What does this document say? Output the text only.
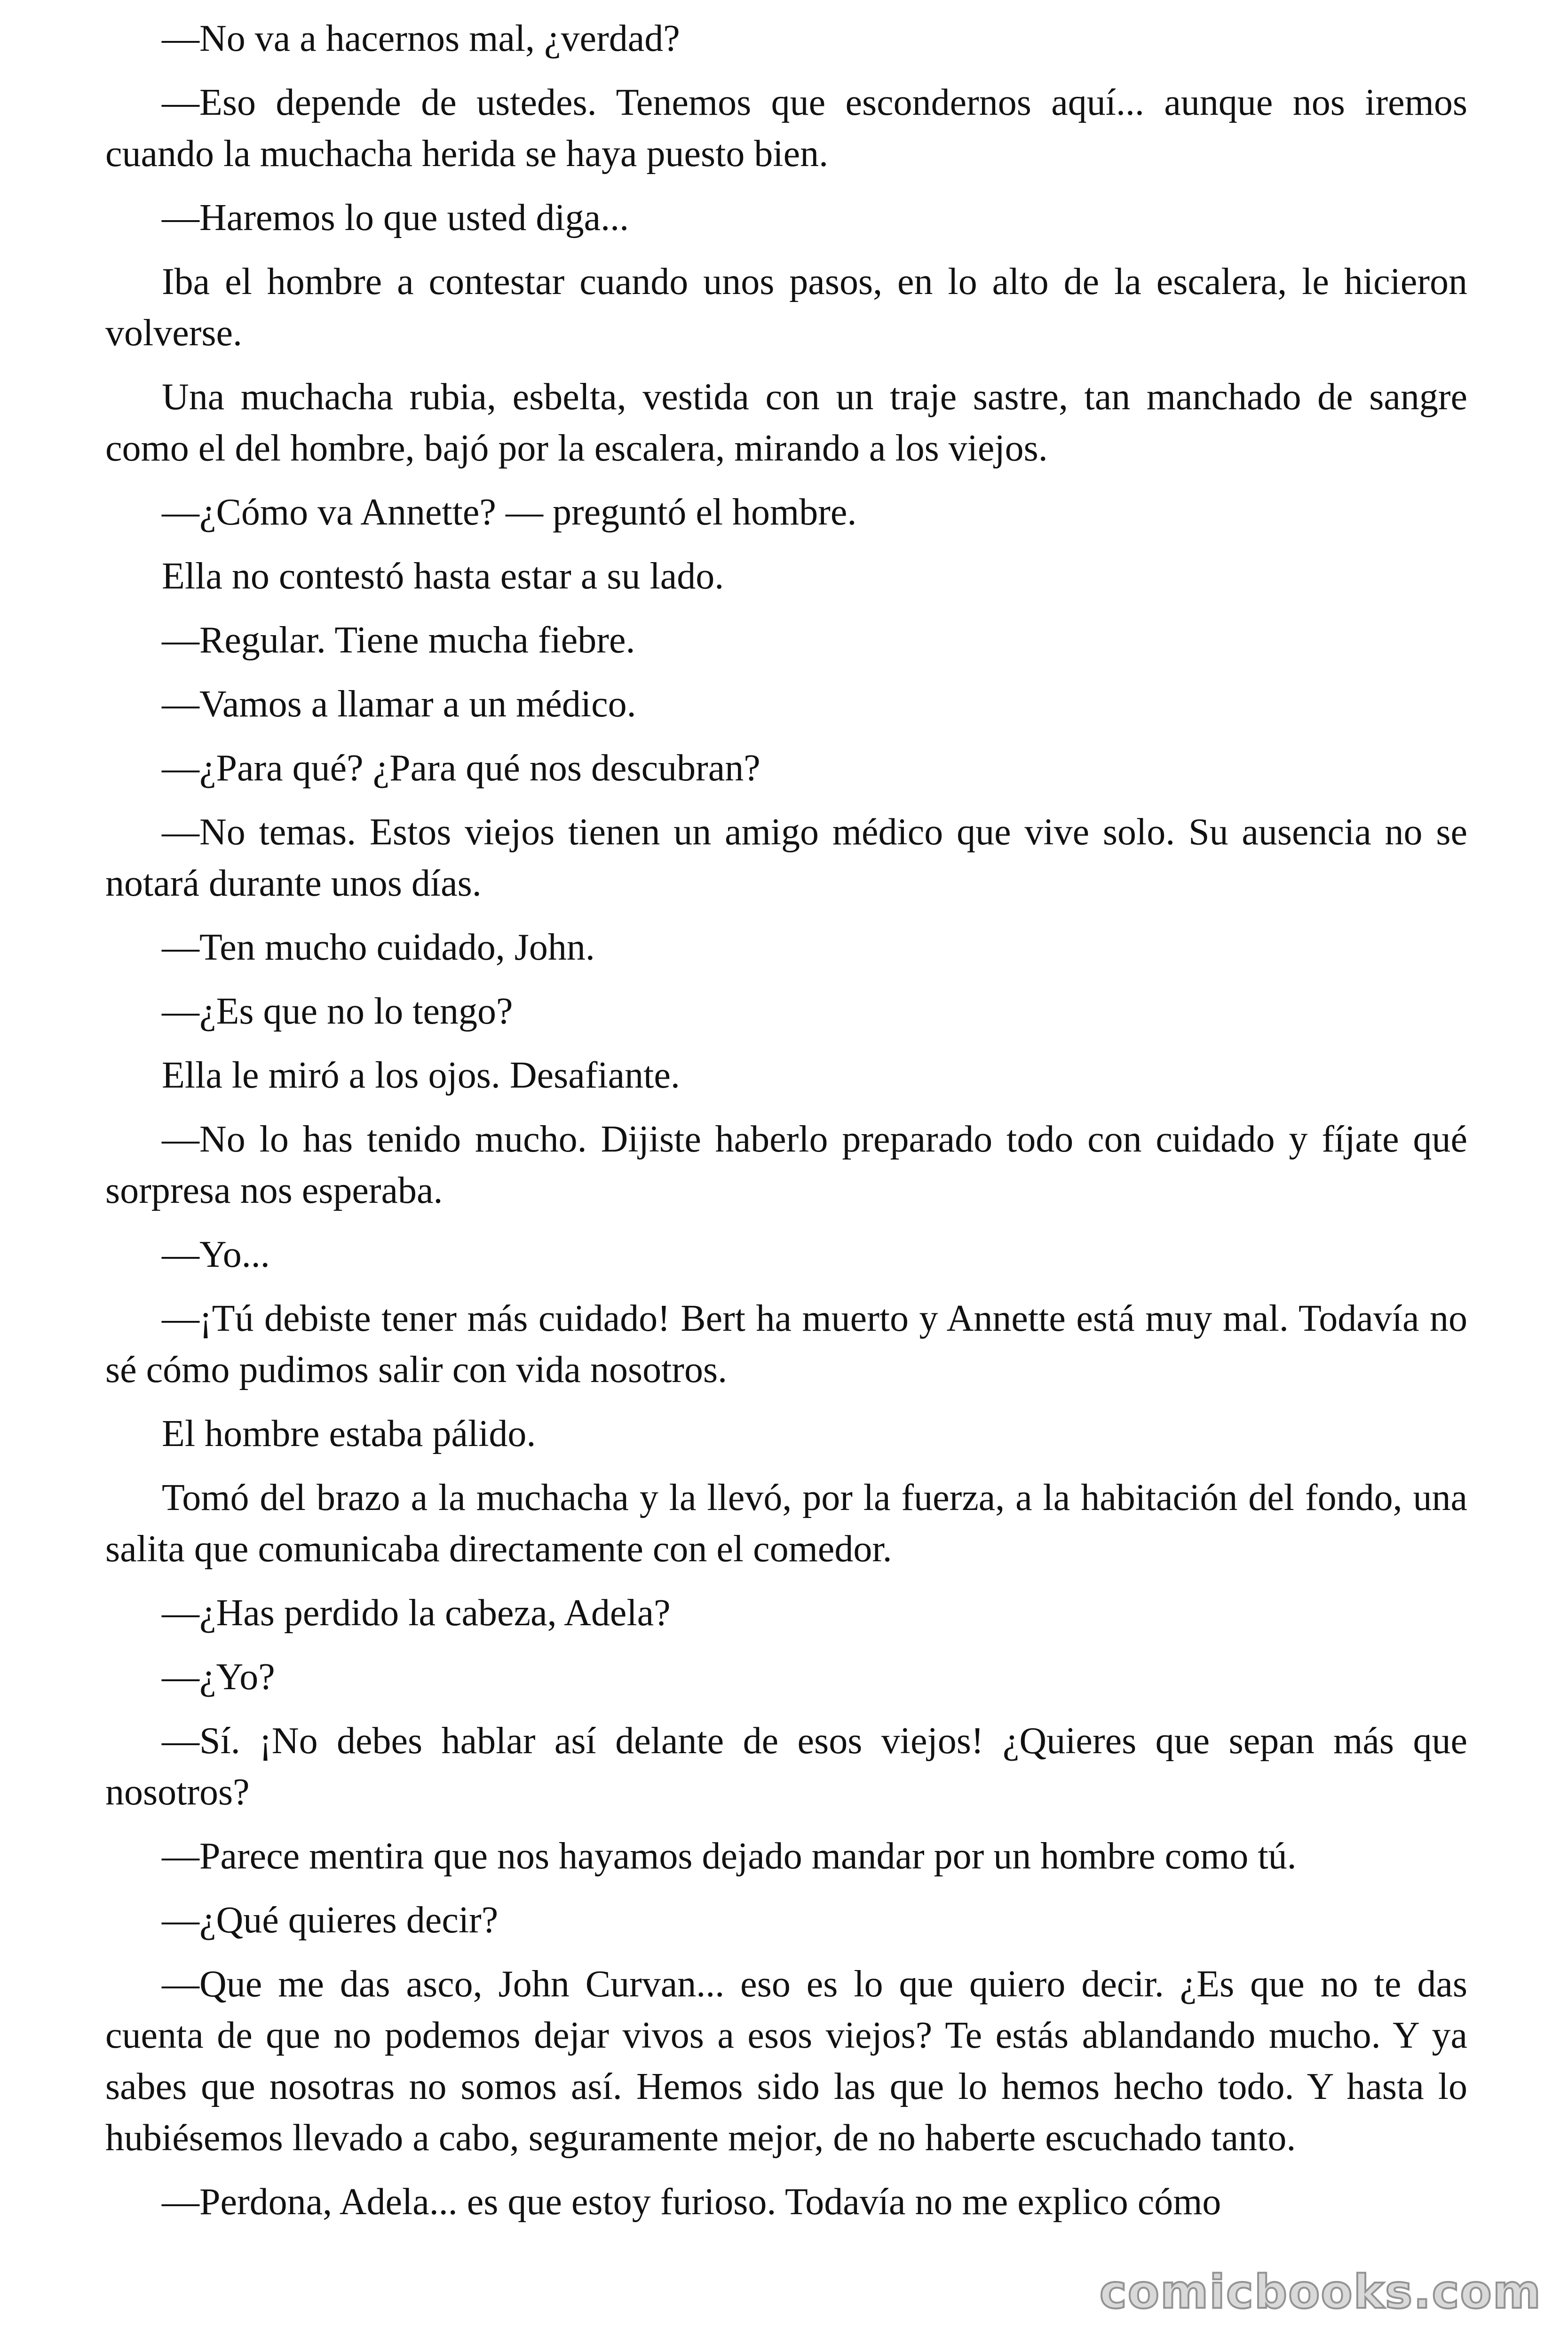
—No va a hacernos mal, ¿verdad?

—Eso depende de ustedes. Tenemos que escondernos aquí... aunque nos iremos cuando la muchacha herida se haya puesto bien.

—Haremos lo que usted diga...

Iba el hombre a contestar cuando unos pasos, en lo alto de la escalera, le hicieron volverse.

Una muchacha rubia, esbelta, vestida con un traje sastre, tan manchado de sangre como el del hombre, bajó por la escalera, mirando a los viejos.

—¿Cómo va Annette? — preguntó el hombre.

Ella no contestó hasta estar a su lado.

—Regular. Tiene mucha fiebre.

—Vamos a llamar a un médico.

—¿Para qué? ¿Para qué nos descubran?

—No temas. Estos viejos tienen un amigo médico que vive solo. Su ausencia no se notará durante unos días.

—Ten mucho cuidado, John.

—¿Es que no lo tengo?

Ella le miró a los ojos. Desafiante.

—No lo has tenido mucho. Dijiste haberlo preparado todo con cuidado y fíjate qué sorpresa nos esperaba.

—Yo...

—¡Tú debiste tener más cuidado! Bert ha muerto y Annette está muy mal. Todavía no sé cómo pudimos salir con vida nosotros.

El hombre estaba pálido.

Tomó del brazo a la muchacha y la llevó, por la fuerza, a la habitación del fondo, una salita que comunicaba directamente con el comedor.

—¿Has perdido la cabeza, Adela?

—¿Yo?

—Sí. ¡No debes hablar así delante de esos viejos! ¿Quieres que sepan más que nosotros?

—Parece mentira que nos hayamos dejado mandar por un hombre como tú.

—¿Qué quieres decir?

—Que me das asco, John Curvan... eso es lo que quiero decir. ¿Es que no te das cuenta de que no podemos dejar vivos a esos viejos? Te estás ablandando mucho. Y ya sabes que nosotras no somos así. Hemos sido las que lo hemos hecho todo. Y hasta lo hubiésemos llevado a cabo, seguramente mejor, de no haberte escuchado tanto.

—Perdona, Adela... es que estoy furioso. Todavía no me explico cómo

comicbooks.com
